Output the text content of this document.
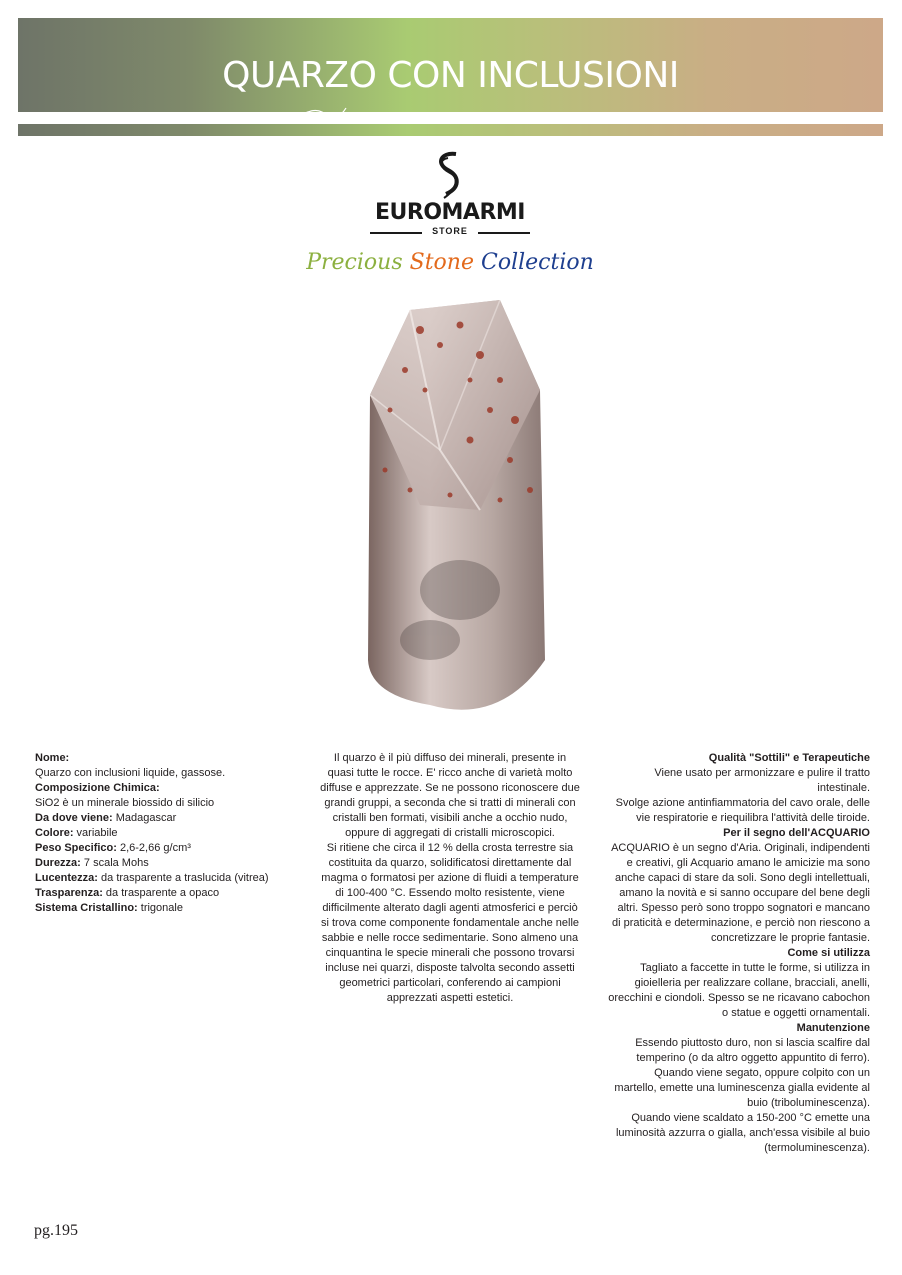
QUARZO CON INCLUSIONI
EUROMARMI
STORE
Precious Stone Collection
Nome:
Quarzo con inclusioni liquide, gassose.
Composizione Chimica:
SiO2 è un minerale biossido di silicio
Da dove viene: Madagascar
Colore: variabile
Peso Specifico: 2,6-2,66 g/cm³
Durezza: 7 scala Mohs
Lucentezza: da trasparente a traslucida (vitrea)
Trasparenza: da trasparente a opaco
Sistema Cristallino: trigonale
Il quarzo è il più diffuso dei minerali, presente in
quasi tutte le rocce. E' ricco anche di varietà molto
diffuse e apprezzate. Se ne possono riconoscere due
grandi gruppi, a seconda che si tratti di minerali con
cristalli ben formati, visibili anche a occhio nudo,
oppure di aggregati di cristalli microscopici.
Si ritiene che circa il 12 % della crosta terrestre sia
costituita da quarzo, solidificatosi direttamente dal
magma o formatosi per azione di fluidi a temperature
di 100-400 °C. Essendo molto resistente, viene
difficilmente alterato dagli agenti atmosferici e perciò
si trova come componente fondamentale anche nelle
sabbie e nelle rocce sedimentarie. Sono almeno una
cinquantina le specie minerali che possono trovarsi
incluse nei quarzi, disposte talvolta secondo assetti
geometrici particolari, conferendo ai campioni
apprezzati aspetti estetici.
Qualità "Sottili" e Terapeutiche
Viene usato per armonizzare e pulire il tratto
intestinale.
Svolge azione antinfiammatoria del cavo orale, delle
vie respiratorie e riequilibra l'attività delle tiroide.
Per il segno dell'ACQUARIO
ACQUARIO è un segno d'Aria. Originali, indipendenti
e creativi, gli Acquario amano le amicizie ma sono
anche capaci di stare da soli. Sono degli intellettuali,
amano la novità e si sanno occupare del bene degli
altri. Spesso però sono troppo sognatori e mancano
di praticità e determinazione, e perciò non riescono a
concretizzare le proprie fantasie.
Come si utilizza
Tagliato a faccette in tutte le forme, si utilizza in
gioielleria per realizzare collane, bracciali, anelli,
orecchini e ciondoli. Spesso se ne ricavano cabochon
o statue e oggetti ornamentali.
Manutenzione
Essendo piuttosto duro, non si lascia scalfire dal
temperino (o da altro oggetto appuntito di ferro).
Quando viene segato, oppure colpito con un
martello, emette una luminescenza gialla evidente al
buio (triboluminescenza).
Quando viene scaldato a 150-200 °C emette una
luminosità azzurra o gialla, anch'essa visibile al buio
(termoluminescenza).
pg.195
